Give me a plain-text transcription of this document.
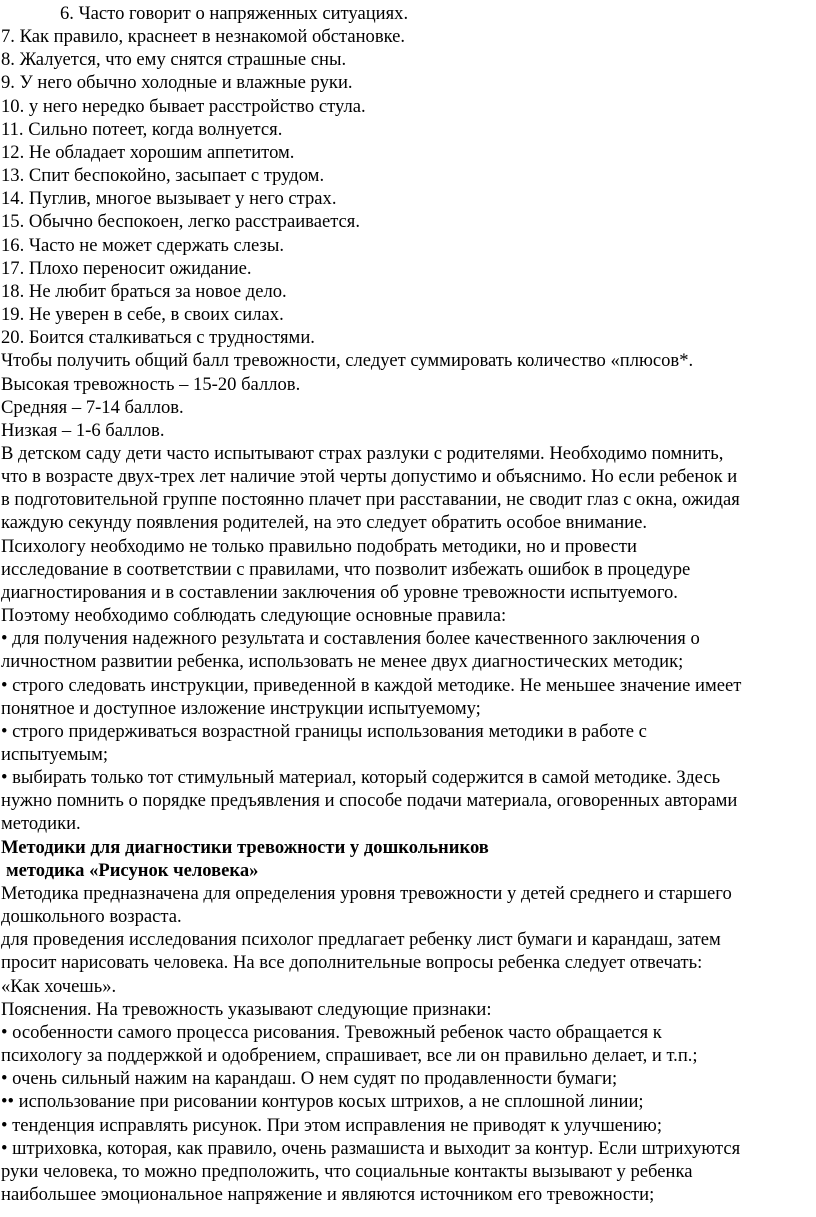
6. Часто говорит о напряженных ситуациях.
7. Как правило, краснеет в незнакомой обстановке.
8. Жалуется, что ему снятся страшные сны.
9. У него обычно холодные и влажные руки.
10. у него нередко бывает расстройство стула.
11. Сильно потеет, когда волнуется.
12. Не обладает хорошим аппетитом.
13. Спит беспокойно, засыпает с трудом.
14. Пуглив, многое вызывает у него страх.
15. Обычно беспокоен, легко расстраивается.
16. Часто не может сдержать слезы.
17. Плохо переносит ожидание.
18. Не любит браться за новое дело.
19. Не уверен в себе, в своих силах.
20. Боится сталкиваться с трудностями.
Чтобы получить общий балл тревожности, следует суммировать количество «плюсов*.
Высокая тревожность – 15-20 баллов.
Средняя – 7-14 баллов.
Низкая – 1-6 баллов.
В детском саду дети часто испытывают страх разлуки с родителями. Необходимо помнить,
что в возрасте двух-трех лет наличие этой черты допустимо и объяснимо. Но если ребенок и
в подготовительной группе постоянно плачет при расставании, не сводит глаз с окна, ожидая
каждую секунду появления родителей, на это следует обратить особое внимание.
Психологу необходимо не только правильно подобрать методики, но и провести
исследование в соответствии с правилами, что позволит избежать ошибок в процедуре
диагностирования и в составлении заключения об уровне тревожности испытуемого.
Поэтому необходимо соблюдать следующие основные правила:
• для получения надежного результата и составления более качественного заключения о
личностном развитии ребенка, использовать не менее двух диагностических методик;
• строго следовать инструкции, приведенной в каждой методике. Не меньшее значение имеет
понятное и доступное изложение инструкции испытуемому;
• строго придерживаться возрастной границы использования методики в работе с
испытуемым;
• выбирать только тот стимульный материал, который содержится в самой методике. Здесь
нужно помнить о порядке предъявления и способе подачи материала, оговоренных авторами
методики.
Методики для диагностики тревожности у дошкольников
методика «Рисунок человека»
Методика предназначена для определения уровня тревожности у детей среднего и старшего
дошкольного возраста.
для проведения исследования психолог предлагает ребенку лист бумаги и карандаш, затем
просит нарисовать человека. На все дополнительные вопросы ребенка следует отвечать:
«Как хочешь».
Пояснения. На тревожность указывают следующие признаки:
• особенности самого процесса рисования. Тревожный ребенок часто обращается к
психологу за поддержкой и одобрением, спрашивает, все ли он правильно делает, и т.п.;
• очень сильный нажим на карандаш. О нем судят по продавленности бумаги;
•• использование при рисовании контуров косых штрихов, а не сплошной линии;
• тенденция исправлять рисунок. При этом исправления не приводят к улучшению;
• штриховка, которая, как правило, очень размашиста и выходит за контур. Если штрихуются
руки человека, то можно предположить, что социальные контакты вызывают у ребенка
наибольшее эмоциональное напряжение и являются источником его тревожности;
